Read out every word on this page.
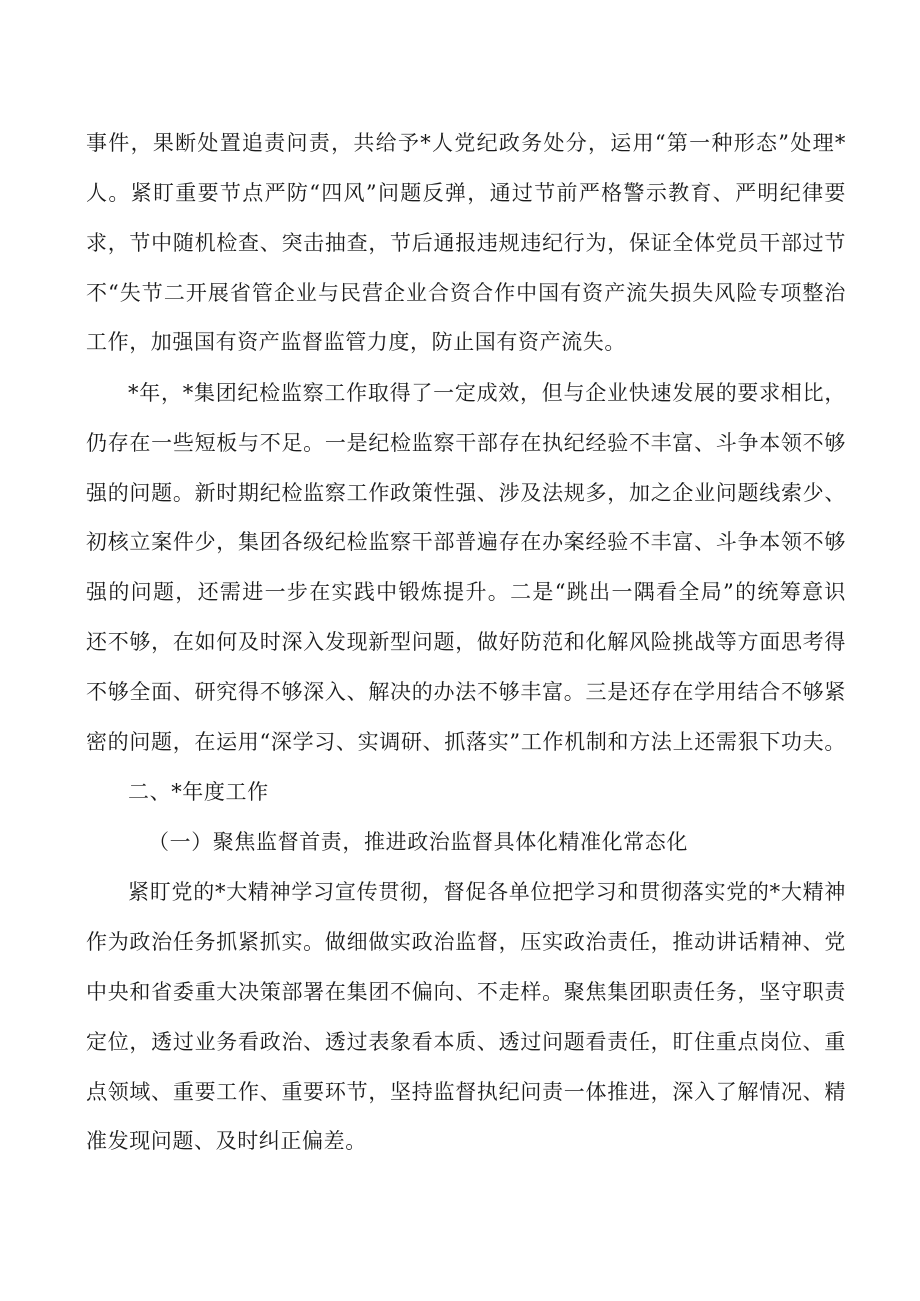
事件，果断处置追责问责，共给予*人党纪政务处分，运用“第一种形态”处理*
人。紧盯重要节点严防“四风”问题反弹，通过节前严格警示教育、严明纪律要
求，节中随机检查、突击抽查，节后通报违规违纪行为，保证全体党员干部过节
不“失节二开展省管企业与民营企业合资合作中国有资产流失损失风险专项整治
工作，加强国有资产监督监管力度，防止国有资产流失。
*年，*集团纪检监察工作取得了一定成效，但与企业快速发展的要求相比，
仍存在一些短板与不足。一是纪检监察干部存在执纪经验不丰富、斗争本领不够
强的问题。新时期纪检监察工作政策性强、涉及法规多，加之企业问题线索少、
初核立案件少，集团各级纪检监察干部普遍存在办案经验不丰富、斗争本领不够
强的问题，还需进一步在实践中锻炼提升。二是“跳出一隅看全局”的统筹意识
还不够，在如何及时深入发现新型问题，做好防范和化解风险挑战等方面思考得
不够全面、研究得不够深入、解决的办法不够丰富。三是还存在学用结合不够紧
密的问题，在运用“深学习、实调研、抓落实”工作机制和方法上还需狠下功夫。
二、*年度工作
（一）聚焦监督首责，推进政治监督具体化精准化常态化
紧盯党的*大精神学习宣传贯彻，督促各单位把学习和贯彻落实党的*大精神
作为政治任务抓紧抓实。做细做实政治监督，压实政治责任，推动讲话精神、党
中央和省委重大决策部署在集团不偏向、不走样。聚焦集团职责任务，坚守职责
定位，透过业务看政治、透过表象看本质、透过问题看责任，盯住重点岗位、重
点领域、重要工作、重要环节，坚持监督执纪问责一体推进，深入了解情况、精
准发现问题、及时纠正偏差。
